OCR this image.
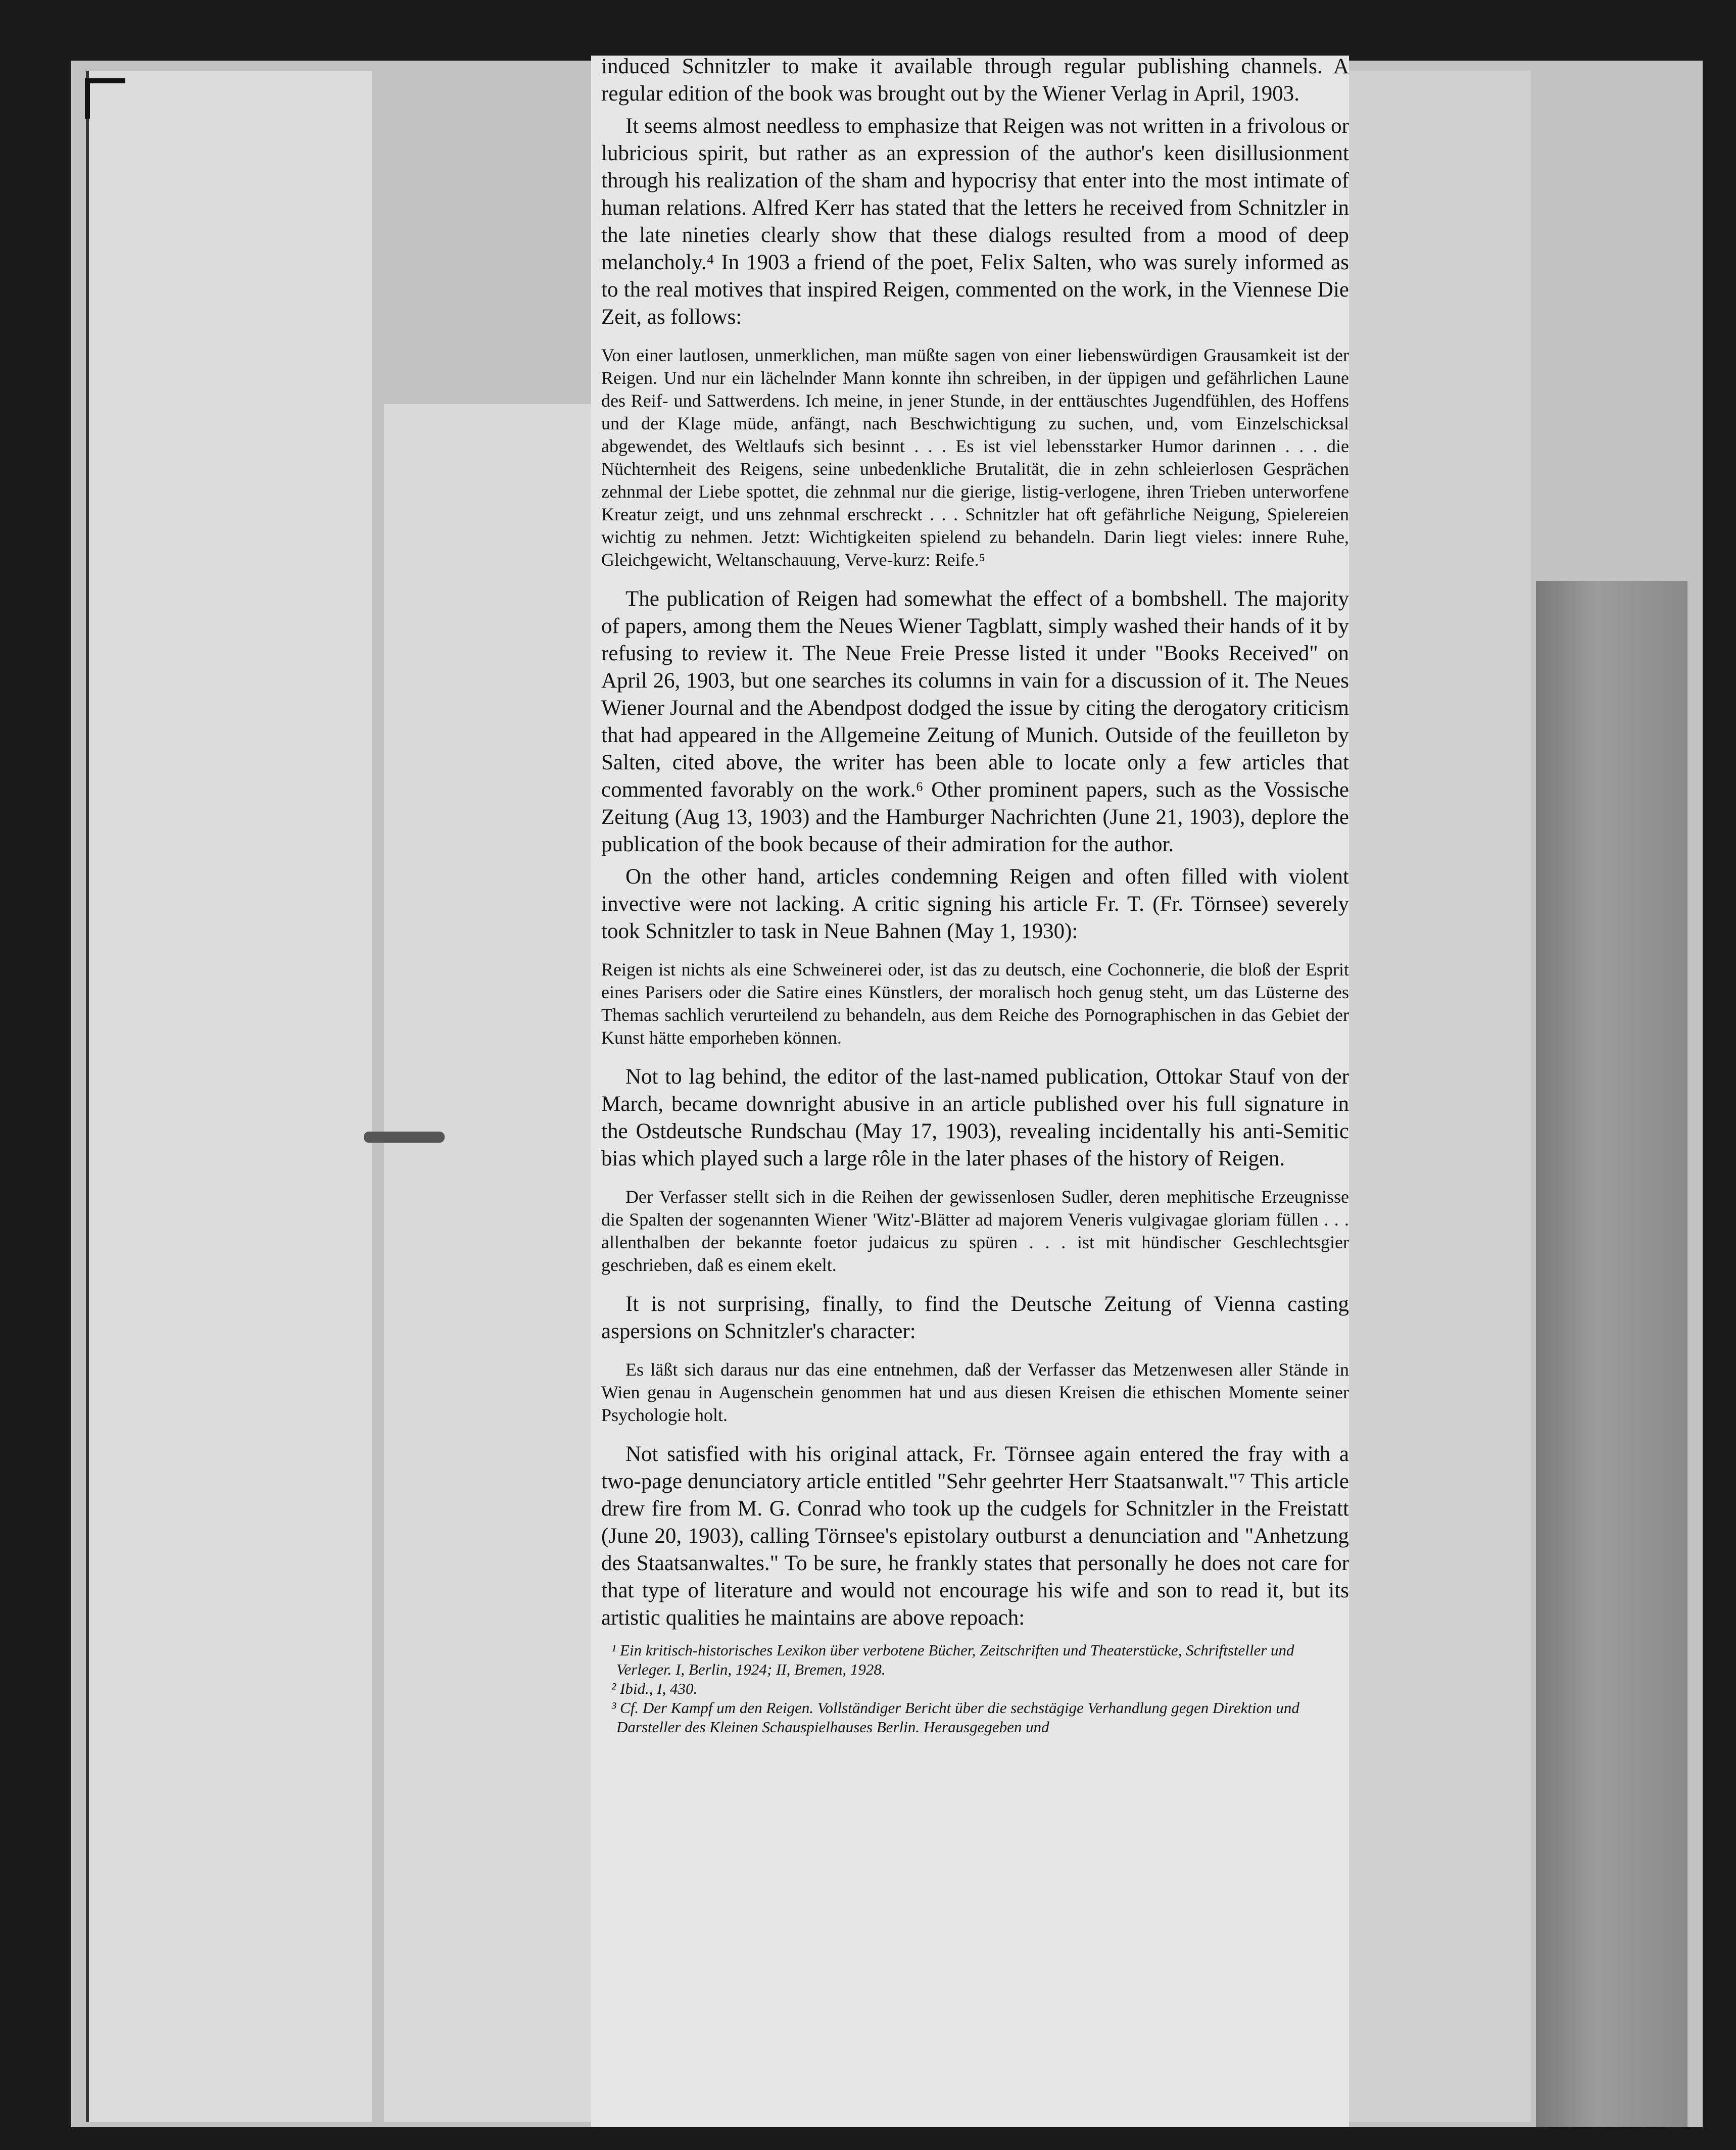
induced Schnitzler to make it available through regular publishing channels. A regular edition of the book was brought out by the Wiener Verlag in April, 1903.

It seems almost needless to emphasize that Reigen was not written in a frivolous or lubricious spirit, but rather as an expression of the author's keen disillusionment through his realization of the sham and hypocrisy that enter into the most intimate of human relations. Alfred Kerr has stated that the letters he received from Schnitzler in the late nineties clearly show that these dialogs resulted from a mood of deep melancholy.⁴ In 1903 a friend of the poet, Felix Salten, who was surely informed as to the real motives that inspired Reigen, commented on the work, in the Viennese Die Zeit, as follows:

Von einer lautlosen, unmerklichen, man müßte sagen von einer liebenswürdigen Grausamkeit ist der Reigen. Und nur ein lächelnder Mann konnte ihn schreiben, in der üppigen und gefährlichen Laune des Reif- und Sattwerdens. Ich meine, in jener Stunde, in der enttäuschtes Jugendfühlen, des Hoffens und der Klage müde, anfängt, nach Beschwichtigung zu suchen, und, vom Einzelschicksal abgewendet, des Weltlaufs sich besinnt . . . Es ist viel lebensstarker Humor darinnen . . . die Nüchternheit des Reigens, seine unbedenkliche Brutalität, die in zehn schleierlosen Gesprächen zehnmal der Liebe spottet, die zehnmal nur die gierige, listig-verlogene, ihren Trieben unterworfene Kreatur zeigt, und uns zehnmal erschreckt . . . Schnitzler hat oft gefährliche Neigung, Spielereien wichtig zu nehmen. Jetzt: Wichtigkeiten spielend zu behandeln. Darin liegt vieles: innere Ruhe, Gleichgewicht, Weltanschauung, Verve-kurz: Reife.⁵

The publication of Reigen had somewhat the effect of a bombshell. The majority of papers, among them the Neues Wiener Tagblatt, simply washed their hands of it by refusing to review it. The Neue Freie Presse listed it under "Books Received" on April 26, 1903, but one searches its columns in vain for a discussion of it. The Neues Wiener Journal and the Abendpost dodged the issue by citing the derogatory criticism that had appeared in the Allgemeine Zeitung of Munich. Outside of the feuilleton by Salten, cited above, the writer has been able to locate only a few articles that commented favorably on the work.⁶ Other prominent papers, such as the Vossische Zeitung (Aug 13, 1903) and the Hamburger Nachrichten (June 21, 1903), deplore the publication of the book because of their admiration for the author.

On the other hand, articles condemning Reigen and often filled with violent invective were not lacking. A critic signing his article Fr. T. (Fr. Törnsee) severely took Schnitzler to task in Neue Bahnen (May 1, 1930):

Reigen ist nichts als eine Schweinerei oder, ist das zu deutsch, eine Cochonnerie, die bloß der Esprit eines Parisers oder die Satire eines Künstlers, der moralisch hoch genug steht, um das Lüsterne des Themas sachlich verurteilend zu behandeln, aus dem Reiche des Pornographischen in das Gebiet der Kunst hätte emporheben können.

Not to lag behind, the editor of the last-named publication, Ottokar Stauf von der March, became downright abusive in an article published over his full signature in the Ostdeutsche Rundschau (May 17, 1903), revealing incidentally his anti-Semitic bias which played such a large rôle in the later phases of the history of Reigen.

Der Verfasser stellt sich in die Reihen der gewissenlosen Sudler, deren mephitische Erzeugnisse die Spalten der sogenannten Wiener 'Witz'-Blätter ad majorem Veneris vulgivagae gloriam füllen . . . allenthalben der bekannte foetor judaicus zu spüren . . . ist mit hündischer Geschlechtsgier geschrieben, daß es einem ekelt.

It is not surprising, finally, to find the Deutsche Zeitung of Vienna casting aspersions on Schnitzler's character:

Es läßt sich daraus nur das eine entnehmen, daß der Verfasser das Metzenwesen aller Stände in Wien genau in Augenschein genommen hat und aus diesen Kreisen die ethischen Momente seiner Psychologie holt.

Not satisfied with his original attack, Fr. Törnsee again entered the fray with a two-page denunciatory article entitled "Sehr geehrter Herr Staatsanwalt."⁷ This article drew fire from M. G. Conrad who took up the cudgels for Schnitzler in the Freistatt (June 20, 1903), calling Törnsee's epistolary outburst a denunciation and "Anhetzung des Staatsanwaltes." To be sure, he frankly states that personally he does not care for that type of literature and would not encourage his wife and son to read it, but its artistic qualities he maintains are above repoach:

¹ Ein kritisch-historisches Lexikon über verbotene Bücher, Zeitschriften und Theaterstücke, Schriftsteller und Verleger. I, Berlin, 1924; II, Bremen, 1928.

² Ibid., I, 430.

³ Cf. Der Kampf um den Reigen. Vollständiger Bericht über die sechstägige Verhandlung gegen Direktion und Darsteller des Kleinen Schauspielhauses Berlin. Herausgegeben und
